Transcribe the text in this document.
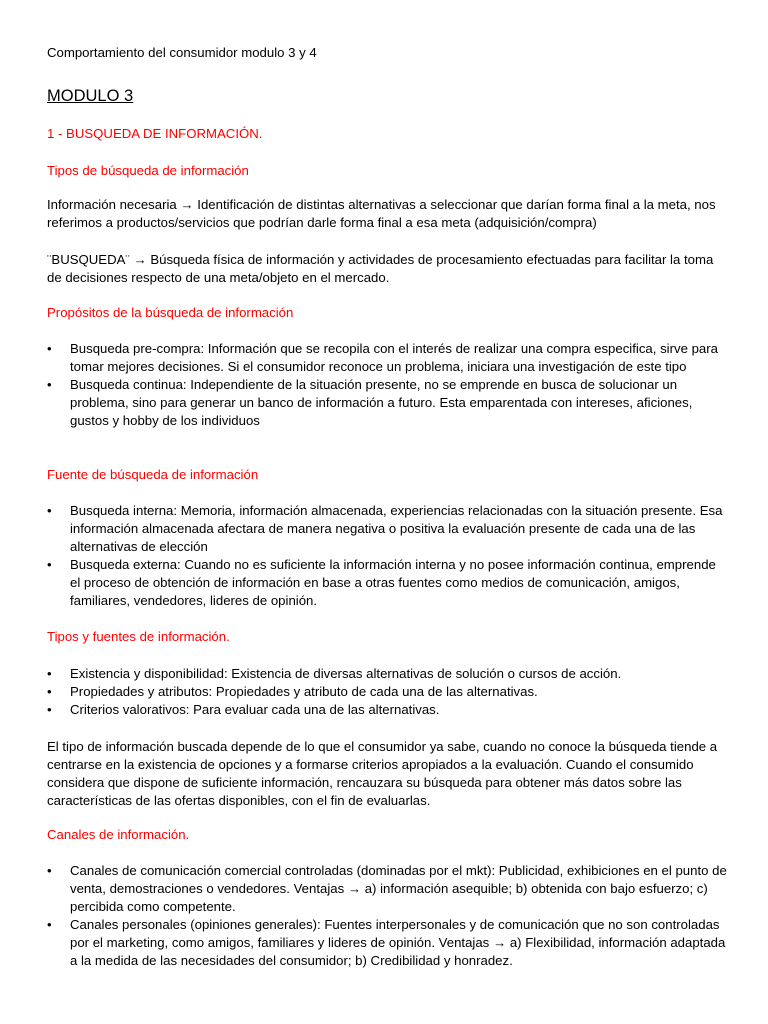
Comportamiento del consumidor modulo 3 y 4
MODULO 3
1 - BUSQUEDA DE INFORMACIÓN.
Tipos de búsqueda de información
Información necesaria → Identificación de distintas alternativas a seleccionar que darían forma final a la meta, nos referimos a productos/servicios que podrían darle forma final a esa meta (adquisición/compra)
¨BUSQUEDA¨ → Búsqueda física de información y actividades de procesamiento efectuadas para facilitar la toma de decisiones respecto de una meta/objeto en el mercado.
Propósitos de la búsqueda de información
• Busqueda pre-compra: Información que se recopila con el interés de realizar una compra especifica, sirve para tomar mejores decisiones. Si el consumidor reconoce un problema, iniciara una investigación de este tipo
• Busqueda continua: Independiente de la situación presente, no se emprende en busca de solucionar un problema, sino para generar un banco de información a futuro. Esta emparentada con intereses, aficiones, gustos y hobby de los individuos
Fuente de búsqueda de información
• Busqueda interna: Memoria, información almacenada, experiencias relacionadas con la situación presente. Esa información almacenada afectara de manera negativa o positiva la evaluación presente de cada una de las alternativas de elección
• Busqueda externa: Cuando no es suficiente la información interna y no posee información continua, emprende el proceso de obtención de información en base a otras fuentes como medios de comunicación, amigos, familiares, vendedores, lideres de opinión.
Tipos y fuentes de información.
• Existencia y disponibilidad: Existencia de diversas alternativas de solución o cursos de acción.
• Propiedades y atributos: Propiedades y atributo de cada una de las alternativas.
• Criterios valorativos: Para evaluar cada una de las alternativas.
El tipo de información buscada depende de lo que el consumidor ya sabe, cuando no conoce la búsqueda tiende a centrarse en la existencia de opciones y a formarse criterios apropiados a la evaluación. Cuando el consumido considera que dispone de suficiente información, rencauzara su búsqueda para obtener más datos sobre las características de las ofertas disponibles, con el fin de evaluarlas.
Canales de información.
• Canales de comunicación comercial controladas (dominadas por el mkt): Publicidad, exhibiciones en el punto de venta, demostraciones o vendedores. Ventajas → a) información asequible; b) obtenida con bajo esfuerzo; c) percibida como competente.
• Canales personales (opiniones generales): Fuentes interpersonales y de comunicación que no son controladas por el marketing, como amigos, familiares y lideres de opinión. Ventajas → a) Flexibilidad, información adaptada a la medida de las necesidades del consumidor; b) Credibilidad y honradez.
